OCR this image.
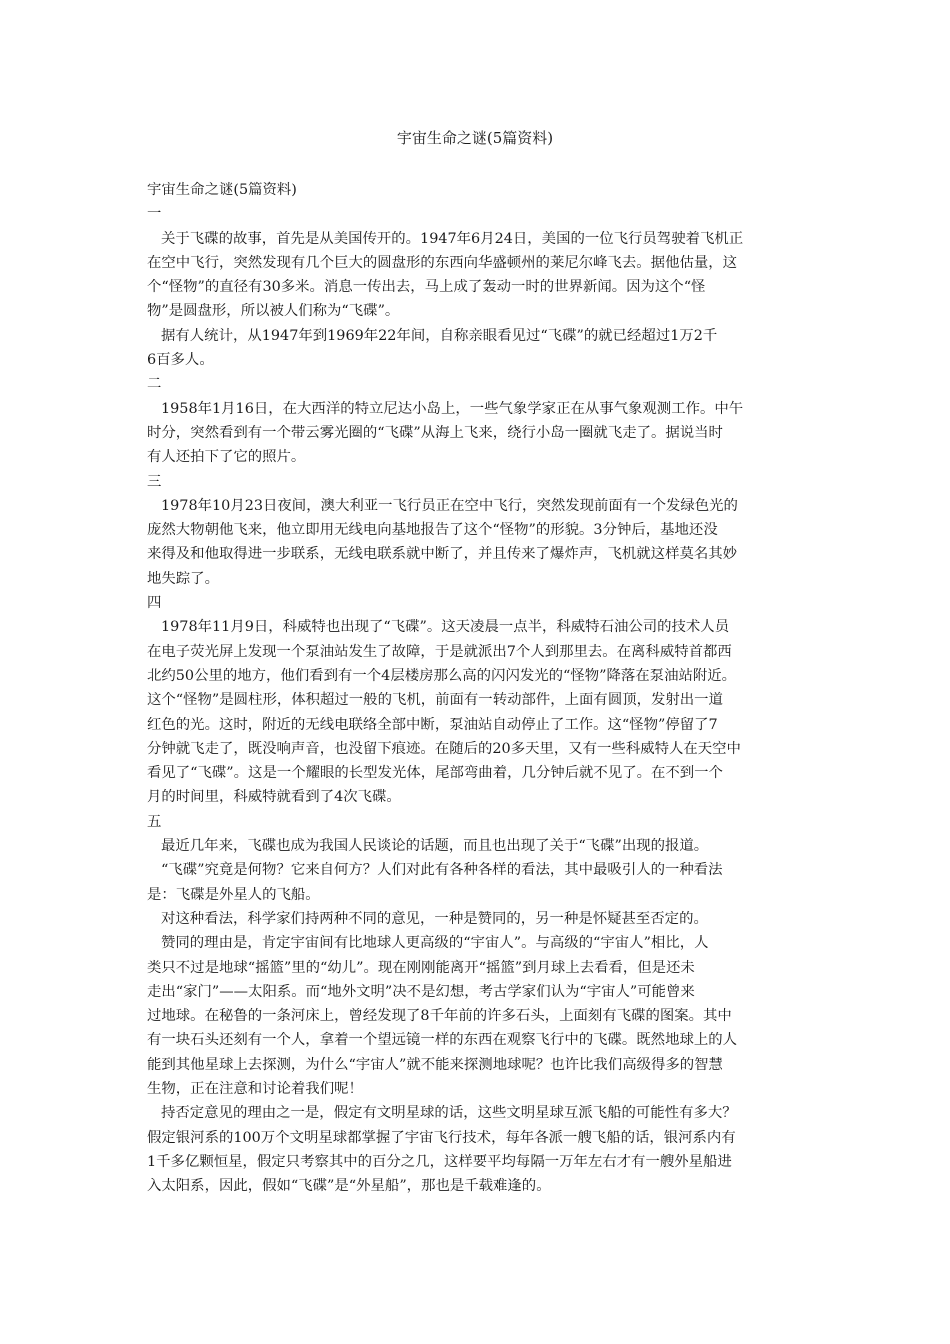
宇宙生命之谜(5篇资料)

宇宙生命之谜(5篇资料)

一

关于飞碟的故事，首先是从美国传开的。1947年6月24日，美国的一位飞行员驾驶着飞机正

在空中飞行，突然发现有几个巨大的圆盘形的东西向华盛顿州的莱尼尔峰飞去。据他估量，这

个“怪物”的直径有30多米。消息一传出去，马上成了轰动一时的世界新闻。因为这个“怪

物”是圆盘形，所以被人们称为“飞碟”。

据有人统计，从1947年到1969年22年间，自称亲眼看见过“飞碟”的就已经超过1万2千

6百多人。

二

1958年1月16日，在大西洋的特立尼达小岛上，一些气象学家正在从事气象观测工作。中午

时分，突然看到有一个带云雾光圈的“飞碟”从海上飞来，绕行小岛一圈就飞走了。据说当时

有人还拍下了它的照片。

三

1978年10月23日夜间，澳大利亚一飞行员正在空中飞行，突然发现前面有一个发绿色光的

庞然大物朝他飞来，他立即用无线电向基地报告了这个“怪物”的形貌。3分钟后，基地还没

来得及和他取得进一步联系，无线电联系就中断了，并且传来了爆炸声，飞机就这样莫名其妙

地失踪了。

四

1978年11月9日，科威特也出现了“飞碟”。这天凌晨一点半，科威特石油公司的技术人员

在电子荧光屏上发现一个泵油站发生了故障，于是就派出7个人到那里去。在离科威特首都西

北约50公里的地方，他们看到有一个4层楼房那么高的闪闪发光的“怪物”降落在泵油站附近。

这个“怪物”是圆柱形，体积超过一般的飞机，前面有一转动部件，上面有圆顶，发射出一道

红色的光。这时，附近的无线电联络全部中断，泵油站自动停止了工作。这“怪物”停留了7

分钟就飞走了，既没响声音，也没留下痕迹。在随后的20多天里，又有一些科威特人在天空中

看见了“飞碟”。这是一个耀眼的长型发光体，尾部弯曲着，几分钟后就不见了。在不到一个

月的时间里，科威特就看到了4次飞碟。

五

最近几年来，飞碟也成为我国人民谈论的话题，而且也出现了关于“飞碟”出现的报道。

“飞碟”究竟是何物？它来自何方？人们对此有各种各样的看法，其中最吸引人的一种看法

是：飞碟是外星人的飞船。

对这种看法，科学家们持两种不同的意见，一种是赞同的，另一种是怀疑甚至否定的。

赞同的理由是，肯定宇宙间有比地球人更高级的“宇宙人”。与高级的“宇宙人”相比，人

类只不过是地球“摇篮”里的“幼儿”。现在刚刚能离开“摇篮”到月球上去看看，但是还未

走出“家门”——太阳系。而“地外文明”决不是幻想，考古学家们认为“宇宙人”可能曾来

过地球。在秘鲁的一条河床上，曾经发现了8千年前的许多石头，上面刻有飞碟的图案。其中

有一块石头还刻有一个人，拿着一个望远镜一样的东西在观察飞行中的飞碟。既然地球上的人

能到其他星球上去探测，为什么“宇宙人”就不能来探测地球呢？也许比我们高级得多的智慧

生物，正在注意和讨论着我们呢！

持否定意见的理由之一是，假定有文明星球的话，这些文明星球互派飞船的可能性有多大？

假定银河系的100万个文明星球都掌握了宇宙飞行技术，每年各派一艘飞船的话，银河系内有

1千多亿颗恒星，假定只考察其中的百分之几，这样要平均每隔一万年左右才有一艘外星船进

入太阳系，因此，假如“飞碟”是“外星船”，那也是千载难逢的。
